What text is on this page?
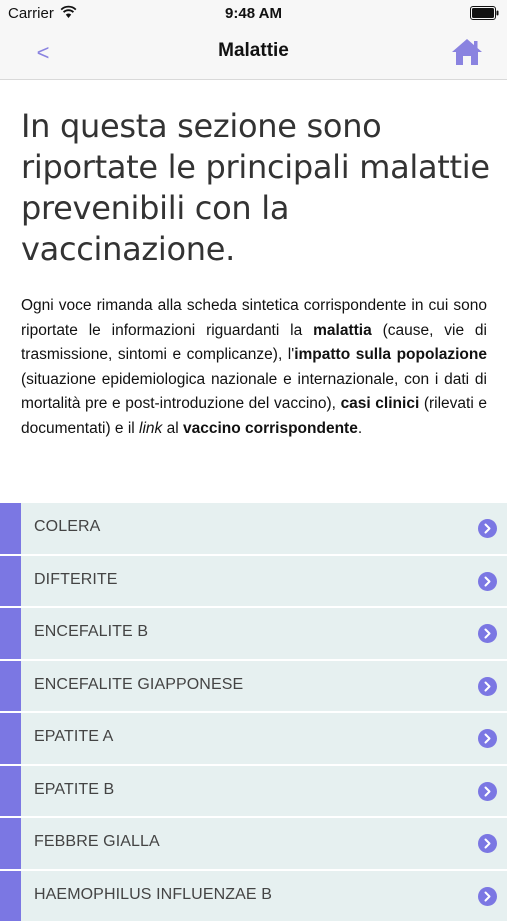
Carrier	9:48 AM
<	Malattie
In questa sezione sono riportate le principali malattie prevenibili con la vaccinazione.

Ogni voce rimanda alla scheda sintetica corrispondente in cui sono riportate le informazioni riguardanti la malattia (cause, vie di trasmissione, sintomi e complicanze), l'impatto sulla popolazione (situazione epidemiologica nazionale e internazionale, con i dati di mortalità pre e post-introduzione del vaccino), casi clinici (rilevati e documentati) e il link al vaccino corrispondente.

COLERA
DIFTERITE
ENCEFALITE B
ENCEFALITE GIAPPONESE
EPATITE A
EPATITE B
FEBBRE GIALLA
HAEMOPHILUS INFLUENZAE B
